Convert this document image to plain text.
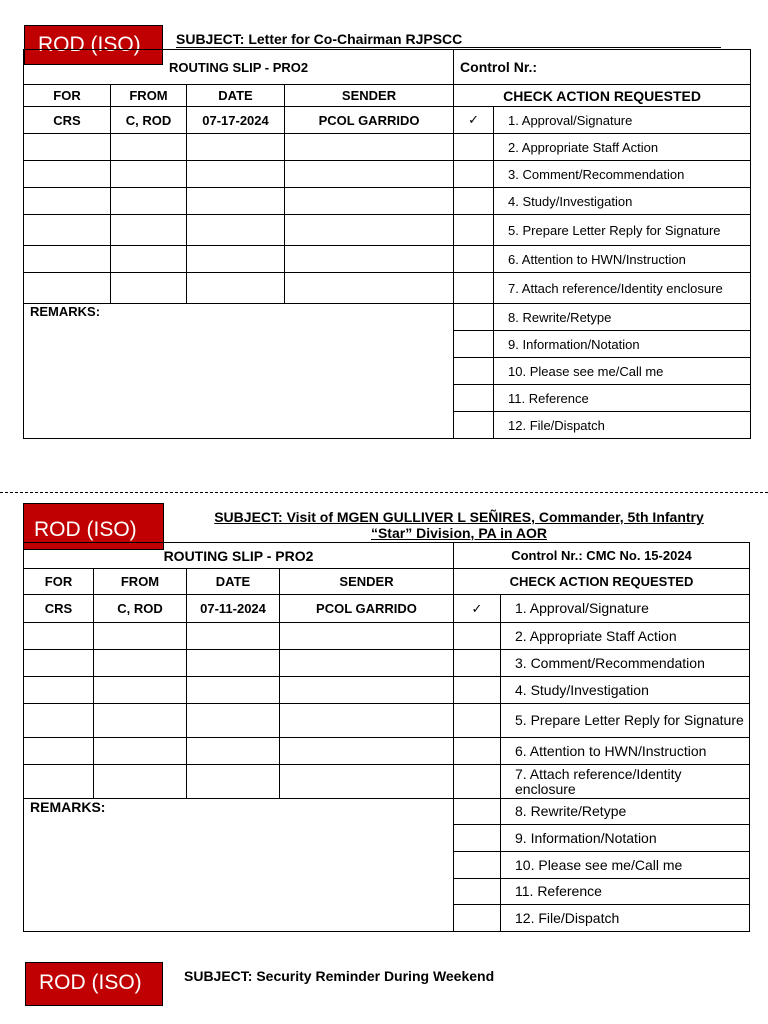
ROD (ISO)	SUBJECT: Letter for Co-Chairman RJPSCC
ROUTING SLIP - PRO2				Control Nr.:	
FOR	FROM	DATE	SENDER	CHECK ACTION REQUESTED	
CRS	C, ROD	07-17-2024	PCOL GARRIDO	✓	1. Approval/Signature
					2. Appropriate Staff Action
					3. Comment/Recommendation
					4. Study/Investigation
					5. Prepare Letter Reply for Signature
					6. Attention to HWN/Instruction
					7. Attach reference/Identity enclosure
REMARKS:					8. Rewrite/Retype
					9. Information/Notation
					10. Please see me/Call me
					11. Reference
					12. File/Dispatch
ROD (ISO)
SUBJECT: Visit of MGEN GULLIVER L SEÑIRES, Commander, 5th Infantry “Star” Division, PA in AOR
ROUTING SLIP - PRO2				Control Nr.: CMC No. 15-2024	
FOR	FROM	DATE	SENDER	CHECK ACTION REQUESTED	
CRS	C, ROD	07-11-2024	PCOL GARRIDO	✓	1. Approval/Signature
					2. Appropriate Staff Action
					3. Comment/Recommendation
					4. Study/Investigation
					5. Prepare Letter Reply for Signature
					6. Attention to HWN/Instruction
					7. Attach reference/Identity enclosure
REMARKS:					8. Rewrite/Retype
					9. Information/Notation
					10. Please see me/Call me
					11. Reference
					12. File/Dispatch
ROD (ISO)	SUBJECT: Security Reminder During Weekend
